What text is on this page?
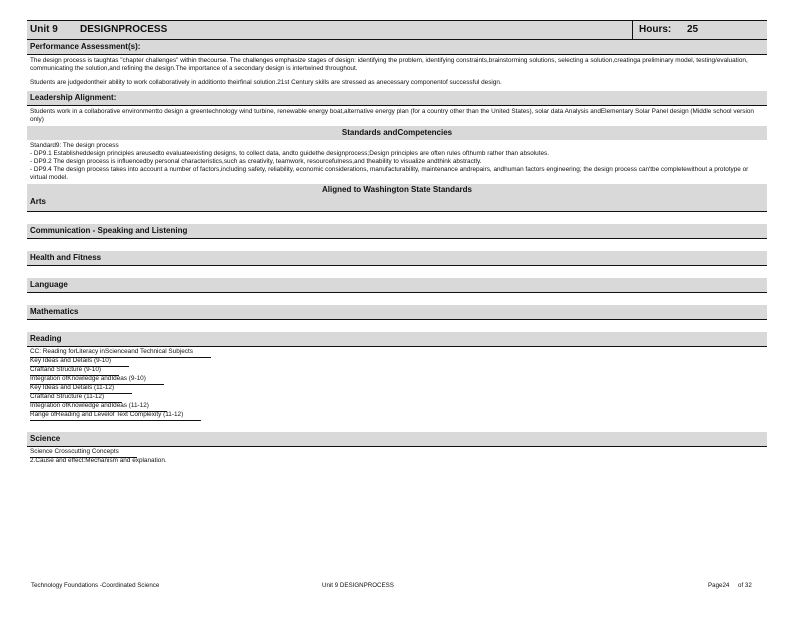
Unit 9 DESIGNPROCESS	Hours: 25
Performance Assessment(s):

The design process is taughtas "chapter challenges" within thecourse. The challenges emphasize stages of design: identifying the problem, identifying constraints,brainstorming solutions, selecting a solution,creatinga preliminary model, testing/evaluation, communicating the solution,and refining the design.The importance of a secondary design is intertwined throughout.

Students are judgedontheir ability to work collaboratively in additionto theirfinal solution.21st Century skills are stressed as anecessary componentof successful design.

Leadership Alignment:
Students work in a collaborative environmentto design a greentechnology wind turbine, renewable energy boat,alternative energy plan (for a country other than the United States), solar data Analysis andElementary Solar Panel design (Middle school version only)
Standards andCompetencies
Standard9: The design process
- DP9.1 Establisheddesign principles areusedto evaluateexisting designs, to collect data, andto guidethe designprocess;Design principles are often rules ofthumb rather than absolutes.
- DP9.2 The design process is influencedby personal characteristics,such as creativity, teamwork, resourcefulness,and theability to visualize andthink abstractly.
- DP9.4 The design process takes into account a number of factors,including safety, reliability, economic considerations, manufacturability, maintenance andrepairs, andhuman factors engineering; the design process can'tbe completewithout a prototype or virtual model.
Aligned to Washington State Standards
Arts
Communication - Speaking and Listening
Health and Fitness
Language
Mathematics
Reading
CC: Reading forLiteracy inScienceand Technical Subjects
Key Ideas and Details (9-10)
Craftand Structure (9-10)
Integration ofKnowledge andIdeas (9-10)
Key Ideas and Details (11-12)
Craftand Structure (11-12)
Integration ofKnowledge andIdeas (11-12)
Range ofReading and Levelof Text Complexity (11-12)
Science
Science Crosscutting Concepts
2.Cause and effect:Mechanism and explanation.
Technology Foundations -Coordinated Science	Unit 9 DESIGNPROCESS	Page24 of 32
